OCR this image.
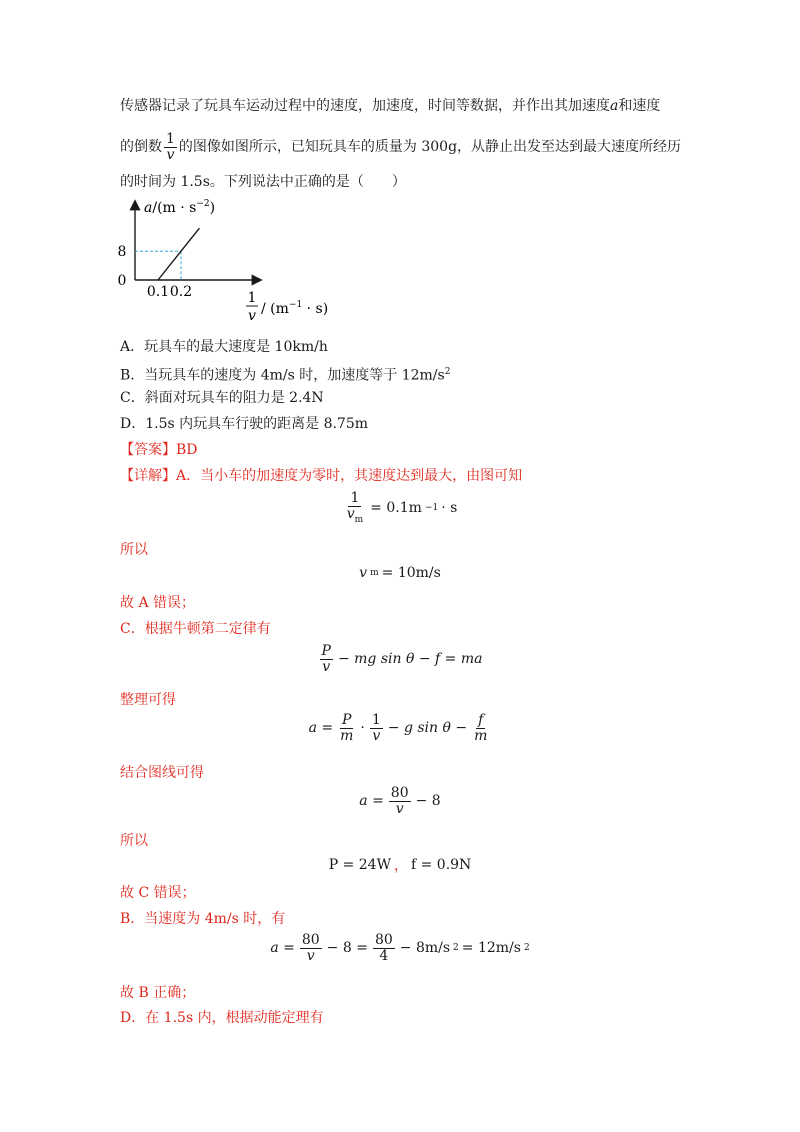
传感器记录了玩具车运动过程中的速度，加速度，时间等数据，并作出其加速度a和速度
的倒数 $\frac{1}{v}$ 的图像如图所示，已知玩具车的质量为 300g，从静止出发至达到最大速度所经历
的时间为 1.5s。下列说法中正确的是（　　）
$a/(m \cdot s^{-2})$
0
8
0.1 0.2	1
$v / (m^{-1} \cdot s)$
A．玩具车的最大速度是 10km/h
B．当玩具车的速度为 4m/s 时，加速度等于 $12m/s^2$
C．斜面对玩具车的阻力是 2.4N
D．1.5s 内玩具车行驶的距离是 8.75m
【答案】BD
【详解】A．当小车的加速度为零时，其速度达到最大，由图可知
$\frac{1}{v_m} = 0.1m -1 \cdot s$
所以
v m = 10m/s
故 A 错误；
C．根据牛顿第二定律有
$\frac{P}{v}$ − mg sin θ − f = ma
整理可得
$a = \frac{P}{m} \cdot \frac{1}{v} - g$ $\sin \theta - \frac{f}{m}$
结合图线可得
$a = \frac{80}{v} - 8$
所以
P = 24W ， f = 0.9N
故 C 错误；
B．当速度为 4m/s 时，有
$a = \frac{80}{v} - 8 = \frac{80}{4} - 8m/s$ 2 = 12m/s 2
故 B 正确；
D．在 1.5s 内，根据动能定理有
